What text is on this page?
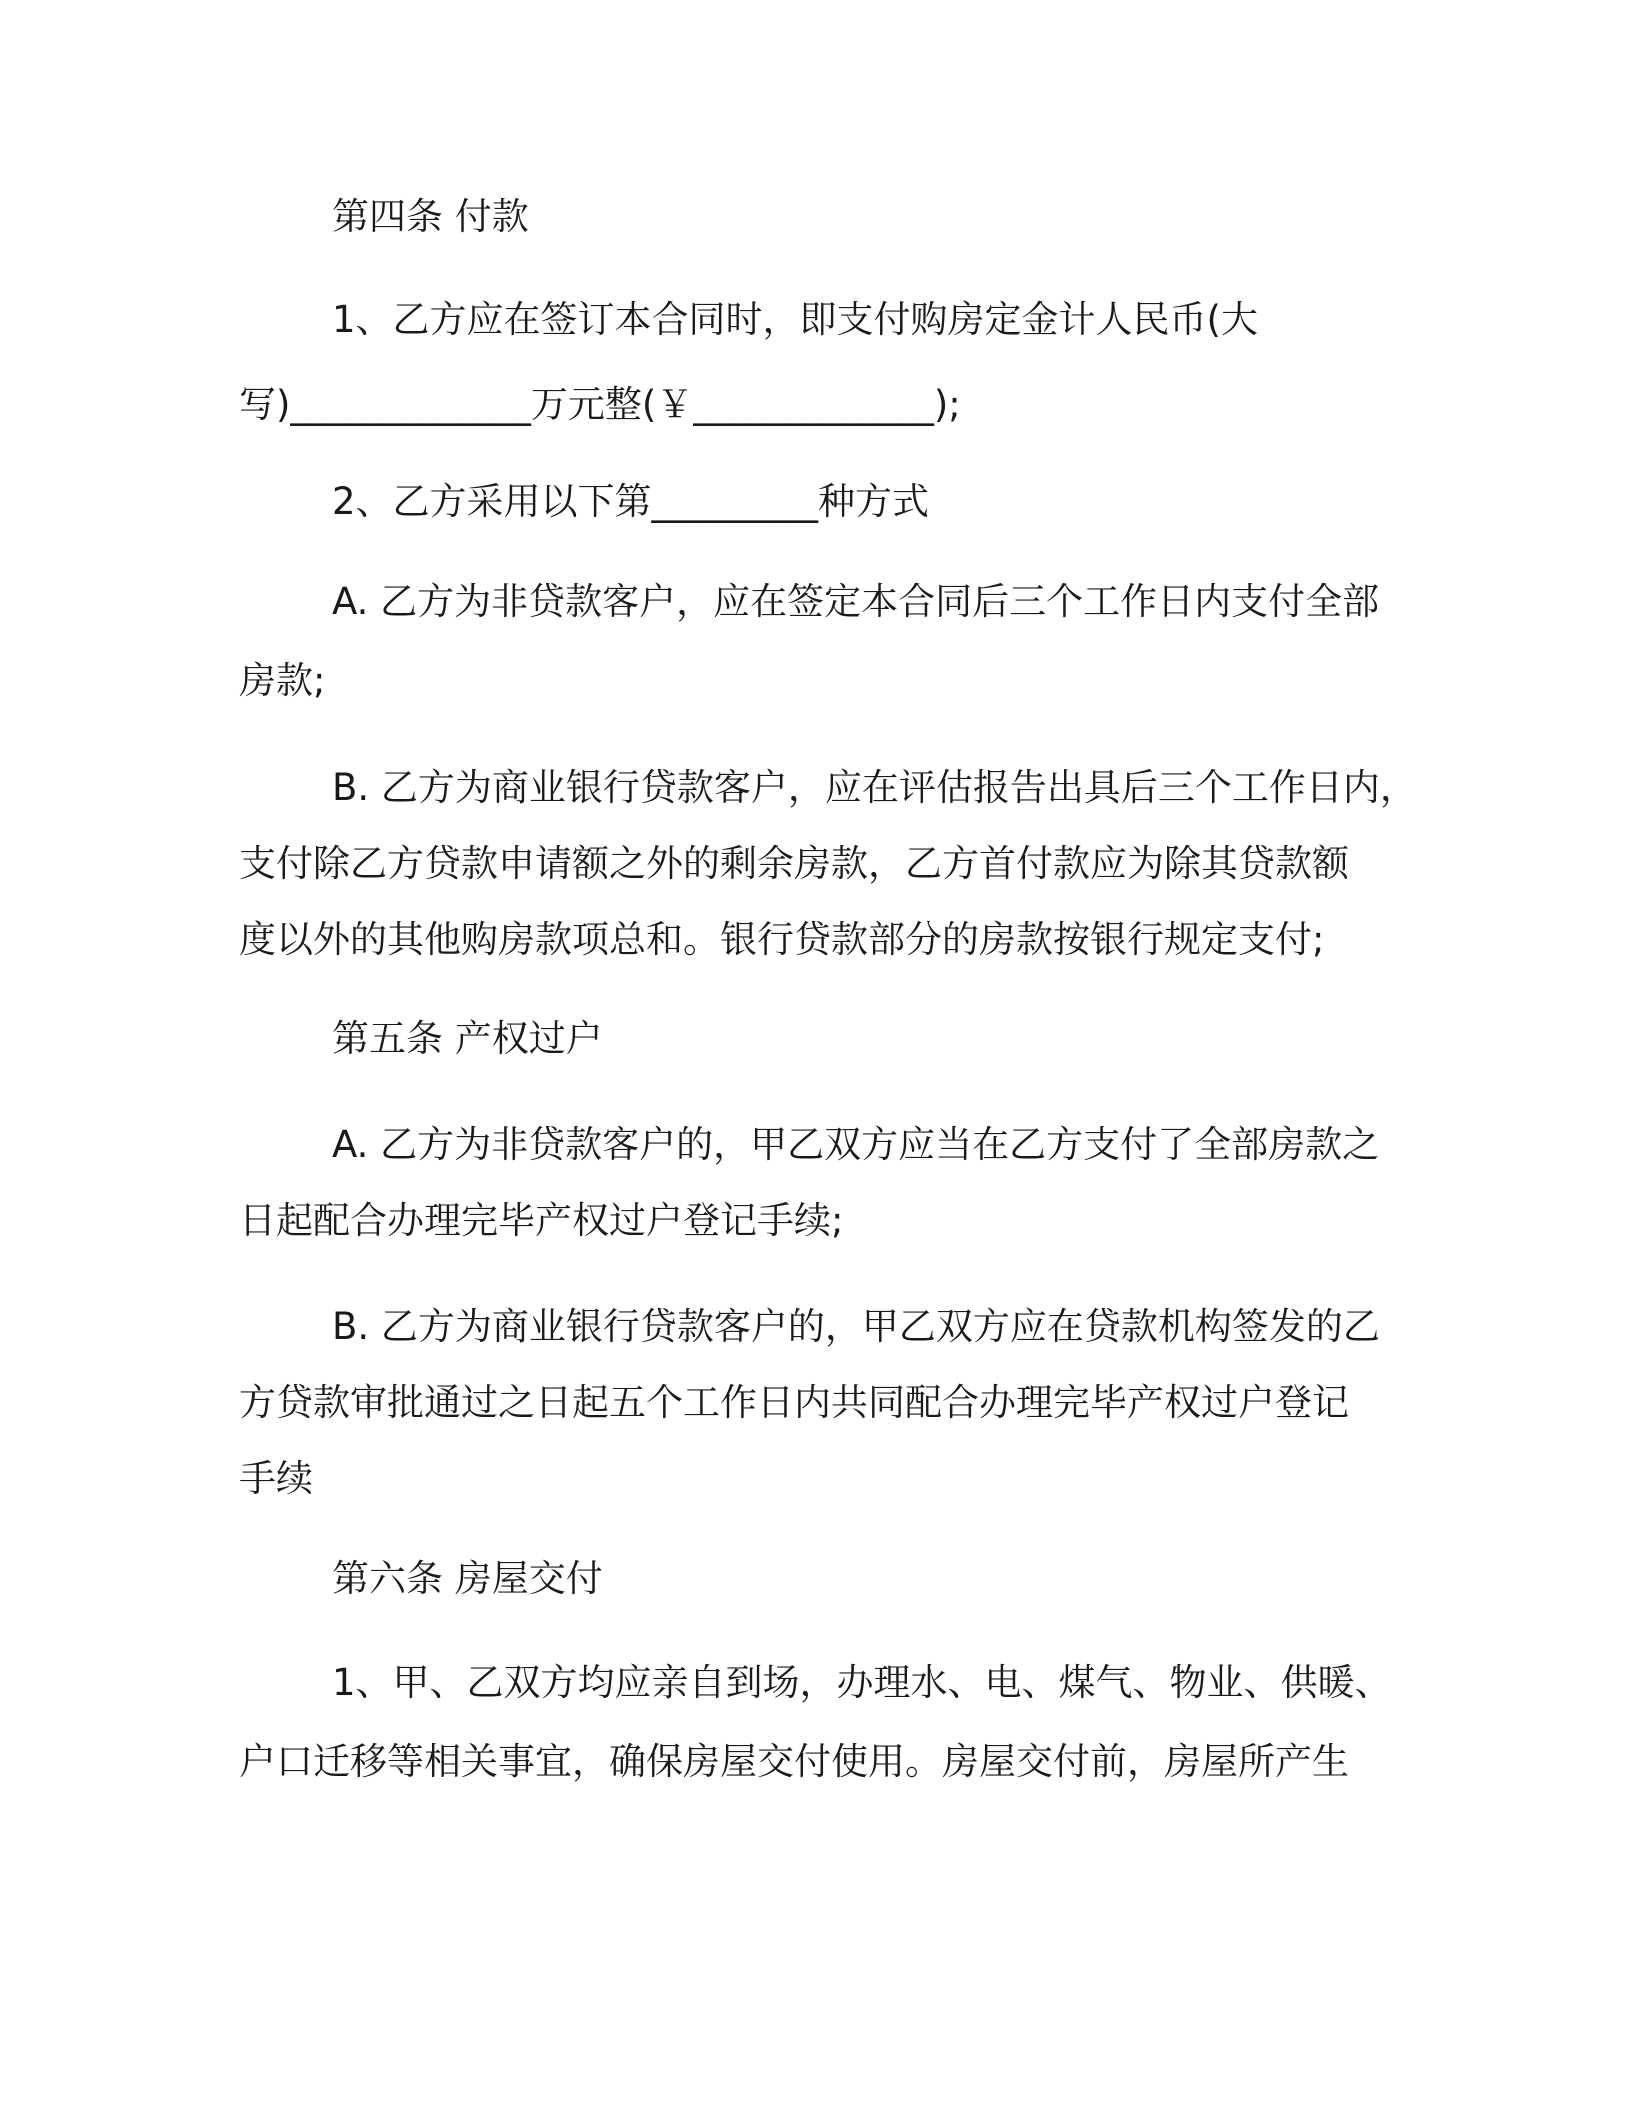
第四条 付款

1、乙方应在签订本合同时，即支付购房定金计人民币(大

写)_____________万元整(￥_____________);

2、乙方采用以下第_________种方式

A. 乙方为非贷款客户，应在签定本合同后三个工作日内支付全部

房款;

B. 乙方为商业银行贷款客户，应在评估报告出具后三个工作日内，

支付除乙方贷款申请额之外的剩余房款，乙方首付款应为除其贷款额

度以外的其他购房款项总和。银行贷款部分的房款按银行规定支付;

第五条 产权过户

A. 乙方为非贷款客户的，甲乙双方应当在乙方支付了全部房款之

日起配合办理完毕产权过户登记手续;

B. 乙方为商业银行贷款客户的，甲乙双方应在贷款机构签发的乙

方贷款审批通过之日起五个工作日内共同配合办理完毕产权过户登记

手续

第六条 房屋交付

1、甲、乙双方均应亲自到场，办理水、电、煤气、物业、供暖、

户口迁移等相关事宜，确保房屋交付使用。房屋交付前，房屋所产生
